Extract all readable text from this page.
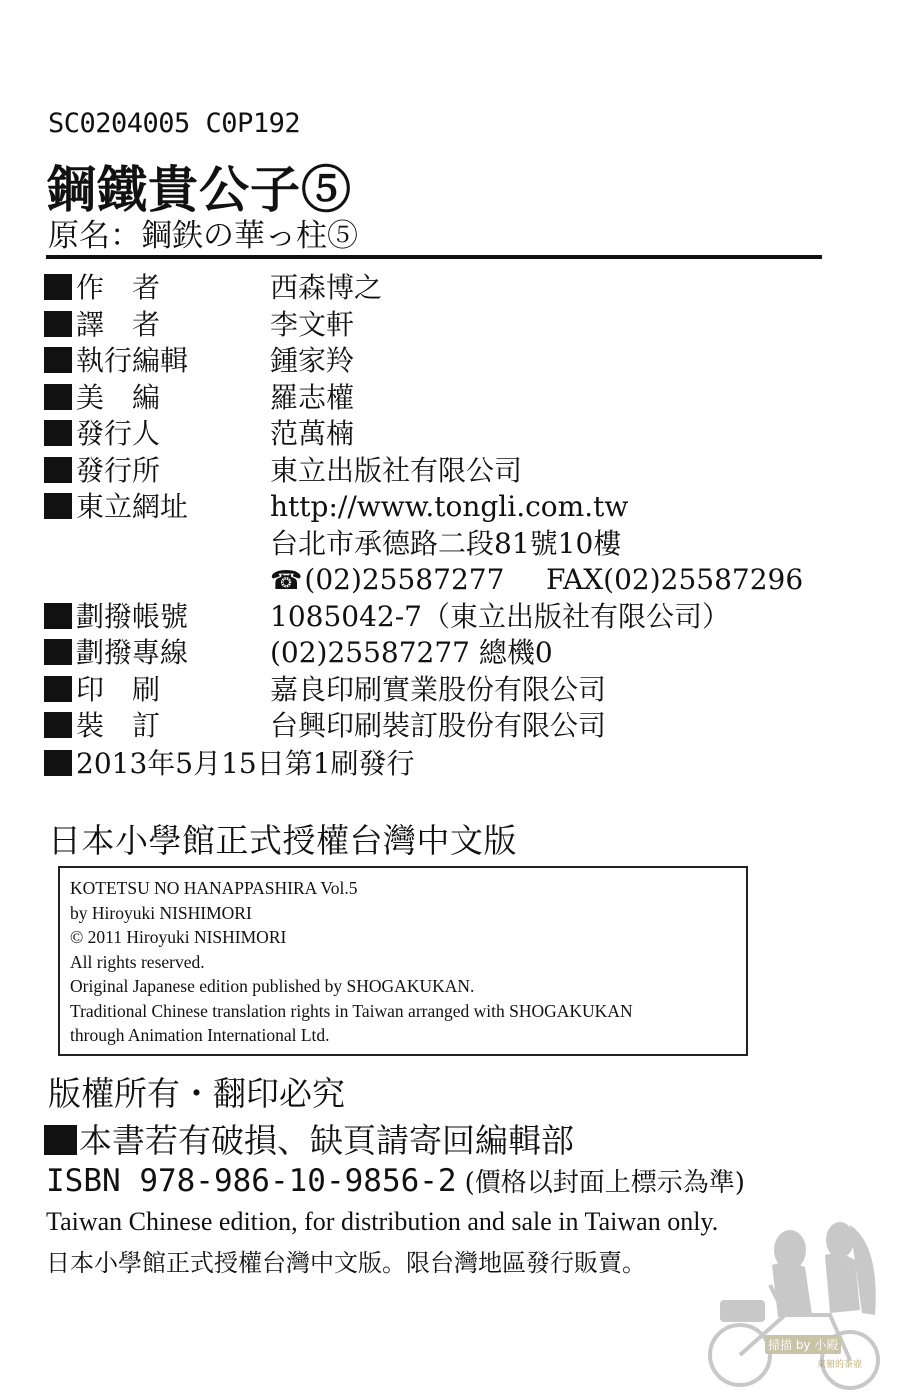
SC0204005 C0P192
鋼鐵貴公子⑤
原名：鋼鉄の華っ柱⑤
作　者	西森博之
譯　者	李文軒
執行編輯	鍾家羚
美　編	羅志權
發行人	范萬楠
發行所	東立出版社有限公司
東立網址	http://www.tongli.com.tw
台北市承德路二段81號10樓
☎(02)25587277 FAX(02)25587296
劃撥帳號	1085042-7（東立出版社有限公司）
劃撥專線	(02)25587277 總機0
印　刷	嘉良印刷實業股份有限公司
裝　訂	台興印刷裝訂股份有限公司
2013年5月15日第1刷發行
日本小學館正式授權台灣中文版
KOTETSU NO HANAPPASHIRA Vol.5
by Hiroyuki NISHIMORI
© 2011 Hiroyuki NISHIMORI
All rights reserved.
Original Japanese edition published by SHOGAKUKAN.
Traditional Chinese translation rights in Taiwan arranged with SHOGAKUKAN
through Animation International Ltd.
版權所有・翻印必究
本書若有破損、缺頁請寄回編輯部
ISBN 978-986-10-9856-2 (價格以封面上標示為準)
Taiwan Chinese edition, for distribution and sale in Taiwan only.
日本小學館正式授權台灣中文版。限台灣地區發行販賣。
掃描 by 小殿
東嶺的茶壺
